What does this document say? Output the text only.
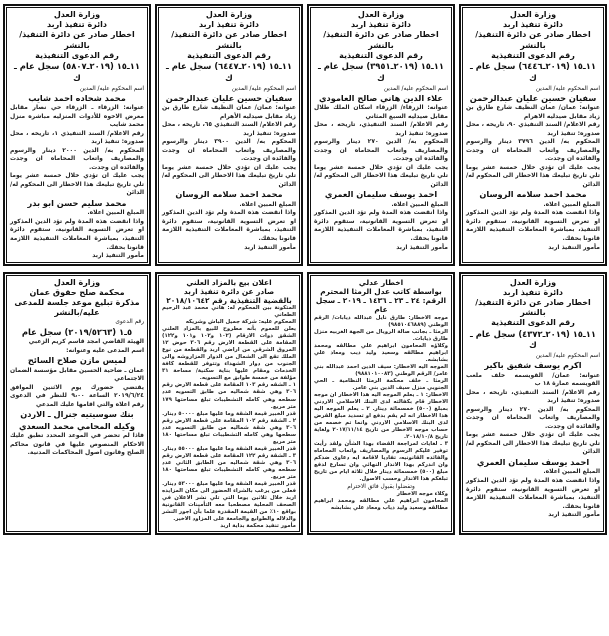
وزارة العدل

دائرة تنفيذ اربد

اخطار صادر عن دائرة التنفيذ/بالنشر

رقم الدعوى التنفيذية

١١ـ١٥ (٢٠١٩ـ٦٤٤٦) سجل عام ـ ك

اسم المحكوم عليه/ المدين

سفيان حسين عليان عبدالرحمن

عنوانه: عمان/ عمان النظيف شارع طارق بن زياد مقابل صيدليه الاهرام

رقم الاعلام/ السند التنفيذي ٩٠، تاريخه ، محل صدوره: تنفيذ اربد

المحكوم به/ الدين ٣٧٩٦ دينار والرسوم والمصاريف واتعاب المحاماه ان وجدت والفائده ان وجدت.

يجب عليك ان تؤدي خلال خمسة عشر يوما تلي تاريخ تبليغك هذا الاخطار الى المحكوم له/ الدائن

محمد احمد سلامه الروسان

المبلغ المبين اعلاه.

واذا انقضت هذه المدة ولم تؤد الدين المذكور او تعرض التسوية القانونية، ستقوم دائرة التنفيذ، بمباشرة المعاملات التنفيذية اللازمة قانونا بحقك.

مأمور التنفيذ اربد

وزارة العدل

دائرة تنفيذ اربد

اخطار صادر عن دائرة التنفيذ/بالنشر

رقم الدعوى التنفيذية

١١ـ١٥ (٢٠١٩ـ٣٩٥١) سجل عام ـ ك

اسم المحكوم عليه/ المدين

علاء الدين هاني صالح العامودي

عنوانه: الزرقاء/ الزرقاء اسكان الملك طلال مقابل صيدليه السبع المثاني

رقم الاعلام/ السند التنفيذي، تاريخه ، محل صدوره: تنفيذ اربد

المحكوم به/ الدين ٢٧٠ دينار والرسوم والمصاريف واتعاب المحاماه ان وجدت والفائده ان وجدت.

يجب عليك ان تؤدي خلال خمسة عشر يوما تلي تاريخ تبليغك هذا الاخطار الى المحكوم له/ الدائن

احمد يوسف سليمان العمري

المبلغ المبين اعلاه.

واذا انقضت هذه المدة ولم تؤد الدين المذكور او تعرض التسوية القانونية، ستقوم دائرة التنفيذ، بمباشرة المعاملات التنفيذية اللازمة قانونا بحقك.

مأمور التنفيذ اربد

وزارة العدل

دائرة تنفيذ اربد

اخطار صادر عن دائرة التنفيذ/بالنشر

رقم الدعوى التنفيذية

١١ـ١٥ (٢٠١٩ـ٦٤٤٧) سجل عام ـ ك

اسم المحكوم عليه/ المدين

سفيان حسين عليان عبدالرحمن

عنوانه: عمان/ عمان النظيف شارع طارق بن زياد مقابل صيدليه الأهرام

رقم الاعلام/ السند التنفيذي ٦٥، تاريخه ، محل صدوره: تنفيذ اربد

المحكوم به/ الدين ٣٩٠٠ دينار والرسوم والمصاريف واتعاب المحاماه ان وجدت والفائده ان وجدت.

يجب عليك ان تؤدي خلال خمسة عشر يوما تلي تاريخ تبليغك هذا الاخطار الى المحكوم له/ الدائن

محمد احمد سلامه الروسان

المبلغ المبين اعلاه.

واذا انقضت هذه المدة ولم تؤد الدين المذكور او تعرض التسوية القانونية، ستقوم دائرة التنفيذ، بمباشرة المعاملات التنفيذية اللازمة قانونا بحقك.

مأمور التنفيذ اربد

وزارة العدل

دائرة تنفيذ اربد

اخطار صادر عن دائرة التنفيذ/بالنشر

رقم الدعوى التنفيذية

١١ـ١٥ (٢٠١٩ـ٥٨٠٧) سجل عام ـ ك

اسم المحكوم عليه/ المدين

محمد شحاده احمد شايب

عنوانه: الزرقاء ـ الزرقاء حي نصار مقابل معرض الاخوه للأدوات المنزليه مباشره منزل محمد شايب

رقم الاعلام/ السند التنفيذي ١، تاريخه ، محل صدوره: تنفيذ اربد

المحكوم به/ الدين ٢٠٠٠ دينار والرسوم والمصاريف واتعاب المحاماه ان وجدت والفائده ان وجدت.

يجب عليك ان تؤدي خلال خمسة عشر يوما تلي تاريخ تبليغك هذا الاخطار الى المحكوم له/ الدائن

محمد سليم حسن ابو بدر

المبلغ المبين اعلاه.

واذا انقضت هذه المدة ولم تؤد الدين المذكور او تعرض التسوية القانونية، ستقوم دائرة التنفيذ، بمباشرة المعاملات التنفيذية اللازمة قانونا بحقك.

مأمور التنفيذ اربد

وزارة العدل

دائرة تنفيذ اربد

اخطار صادر عن دائرة التنفيذ/بالنشر

رقم الدعوى التنفيذية

١١ـ١٥ (٢٠١٩ـ٤٣٧٢) سجل عام ـ ك

اسم المحكوم عليه/ المدين

اكرم يوسف شفيق باكير

عنوانه: عمان/ القويسمه خلف ملعب القويسمه عمارة ١٨ ب

رقم الاعلام/ السند التنفيذي، تاريخه ، محل صدوره: تنفيذ اربد

المحكوم به/ الدين ٢٧٠ دينار والرسوم والمصاريف واتعاب المحاماه ان وجدت والفائده ان وجدت.

يجب عليك ان تؤدي خلال خمسة عشر يوما تلي تاريخ تبليغك هذا الاخطار الى المحكوم له/ الدائن

احمد يوسف سليمان العمري

المبلغ المبين اعلاه.

واذا انقضت هذه المدة ولم تؤد الدين المذكور او تعرض التسوية القانونية، ستقوم دائرة التنفيذ، بمباشرة المعاملات التنفيذية اللازمة قانونا بحقك.

مأمور التنفيذ اربد

اخطار عدلي

بواسطة كاتب عدل الرمثا المحترم

الرقم: ٢٤ ـ ٢٣ ـ ١٤٣٦ ـ ٢٠١٩ ـ سجل عام

موجه الاخطار: طارق نايل عبدالله ذيابات/ الرقم الوطني (٩٨٥١٠٤٦٨٨٩)

الرمثا ـ بجانب صالة الرويال من الجهة الغربيه منزل طارق ذيابات.

وكلاؤه المحامون ابراهيم علي مطالقه ومحمد ابراهيم مطالقه وسعيد وليد ذيب ومعاذ علي بشابشه.

الموجه اليه الاخطار: سيف الدين احمد عبدالله بني عامر/ الرقم الوطني (٩٨٨١٠١٠٠٨٣)

الرمثا ـ خلف محكمة الرمثا النظامية ـ الحي الجنوبي منزل سيف الدين بني عامر.

الاخطار: ١ ـ يعلم الموجه اليه هذا الاخطار ان موجه الاخطار قام بكفالته لدى البنك الاسلامي الاردني بمبلغ (٥٠٠) خمسمائة دينار. ٢ ـ يعلم الموجه اليه هذا الاخطار انه لم يقم بدفع او تسديد مبلغ القرض لدى البنك الاسلامي الاردني وانما تم خصمه من حساب موجه الاخطار من تاريخ ٢٠١٧/١١/١٤ ولغاية تاريخ ٢٠١٨/١٠/٨.

٣ ـ لغايات لمراجعة القضاء بهذا الشأن ولقد رأيت توفير عليكم الرسوم والمصاريف واتعاب المحاماه والفائده القانونيه، تفاديا لاقامة ايه دعاوى ضدكم وان انذركم بهذا الانذار النهائي وان تسارع لدفع مبلغ (٥٠٠) خمسمائة دينار خلال ثلاثة ايام من تاريخ تبلغكم هذا الانذار وحسب الاصول.

وتفضلوا بقبول فائق الاحترام

وكلاء موجه الاخطار

المحامون ابراهيم علي مطالقه ومحمد ابراهيم مطالقه وسعيد وليد ذياب ومعاذ علي بشابشه

اعلان بيع بالمزاد العلني

صادر عن دائرة تنفيذ اربد

بالقضية التنفيذية رقم ٢٠١٨/١٠٦٤٢

المتكونة بين المحكوم له: هاني محمد عبد الرحيم الطعاني

المحكوم عليه: شركة جميل الباش وشريكه

يعلن للعموم بأنه مطروح للبيع بالمزاد العلني الشقق ذوات الارقام (١٠٢ و١٠٢ و١٠١ و١٢٢) المقامة على القطعة الارض رقم ٣٠٦ حوض ١٢ المروق الشرقي من اراضي اربد والقطعة من نوع الملك تقع الى الشمال من الدوار المزاروشه والى الجنوب من دوار الشهداء وتتوفر للقطعة كافة الخدمات ومقام عليها بناية سكنية/ مساحة ٣١ مؤلفة من خمسة طوابق مع التسويه.

١ ـ الشقه رقم ١٠٣ المقامة على قطعة الارض رقم ٣٠٦ وهي شقة شماليه من طابق التسويه عدد سطحه وهي كامله التشطيبات تبلغ مساحتها ١٧٩ متر مربع.

قدر الخبير قيمة الشقة وما عليها مبلغ ٥٠٠٠٠ دينار.

٢ ـ الشقة رقم ١٠٢ المقامة على قطعة الارض رقم ٣٠٦ وهي شقة شماليه من طابق التسويه عدد سطحها وهي كامله التشطيبات تبلغ مساحتها ١٨٠ متر مربع

قدر الخبير قيمة الشقة وما عليها مبلغ ٥٥٠٠٠ دينار.

٣ ـ الشقة رقم ١٢٢ المقامة على قطعة الارض رقم ٣٠٦ وهي شقة شماليه من الطابق الثاني عدد سطحه وهي كامله التشطيبات تبلغ مساحتها ١٨٠ متر مربع.

قدر الخبير قيمة الشقة وما عليها مبلغ ٥٣٠٠٠ دينار.

فعلى من يرغب بالشراء الحضور الى مكان المزايده اربد خلال ثلاثين يوما التي تلي نشر الاعلان في الصحف المحلية مصطحبا معه التأمينات القانونية بواقع ١٠٪ من القيمة المقدرة علما بأن اجور النشر والدلاله والطوابع والجامعة على المزاود الاخير.

مأمور تنفيذ محكمة بداية اربد

وزارة العدل

محكمة صلح حقوق عمان

مذكرة تبليغ موعد جلسة للمدعى

عليه/بالنشر

رقم الدعوى

٥ـ١ (٢٠١٩/٥٢٦٣) سجل عام

الهيئة القاضي امجد قاسم كريم الزعبي

اسم المدعى عليه وعنوانه:

لميس مازن صلاح السائح

عمان ـ ضاحية الحسين مقابل مؤسسة الضمان الاجتماعي

يقتضي حضورك يوم الاثنين الموافق ٢٠١٩/٦/٢٤ الساعة ٩،٠٠ للنظر في الدعوى رقم اعلاه والتي اقامها عليك المدعي

بنك سوسيتيه جنرال ـ الاردن

وكيله المحامي محمد السعدي

فاذا لم تحضر في الموعد المحدد تطبق عليك الاحكام المنصوص عليها في قانون محاكم الصلح وقانون اصول المحاكمات المدنية.
